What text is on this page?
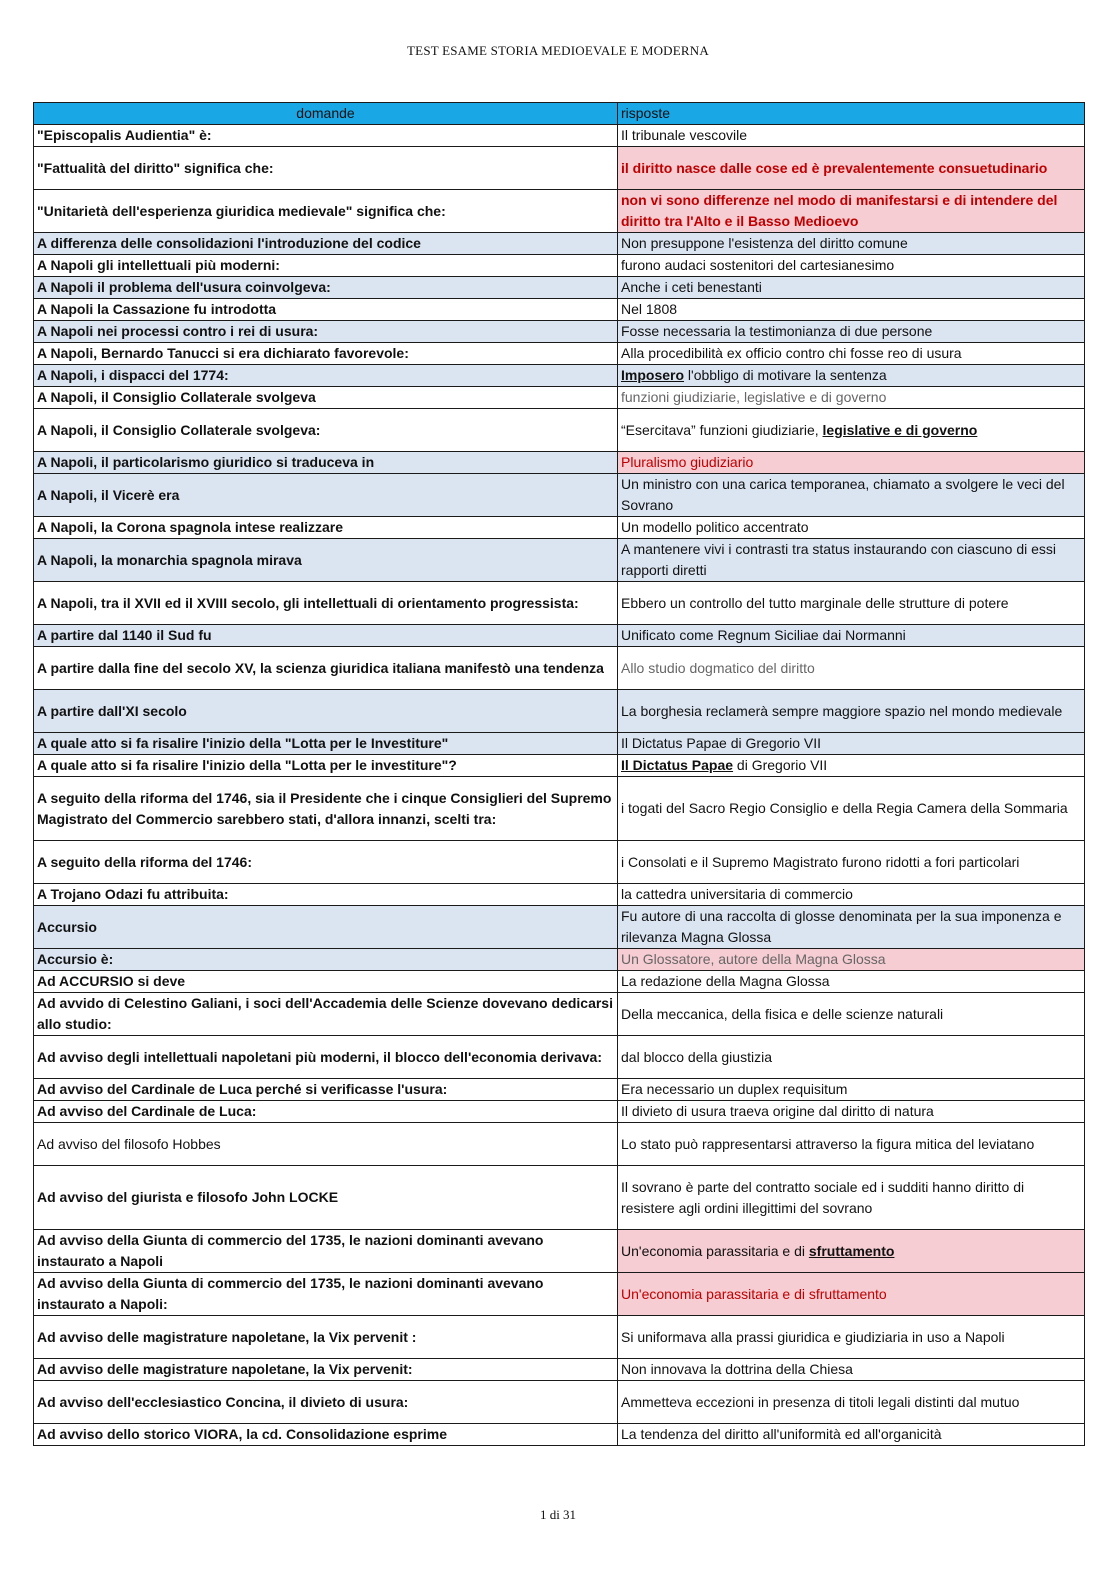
TEST ESAME STORIA MEDIOEVALE E MODERNA
domande	risposte
"Episcopalis Audientia" è:	Il tribunale vescovile
"Fattualità del diritto" significa che:	il diritto nasce dalle cose ed è prevalentemente consuetudinario
"Unitarietà dell'esperienza giuridica medievale" significa che:	non vi sono differenze nel modo di manifestarsi e di intendere del diritto tra l'Alto e il Basso Medioevo
A differenza delle consolidazioni l'introduzione del codice	Non presuppone l'esistenza del diritto comune
A Napoli gli intellettuali più moderni:	furono audaci sostenitori del cartesianesimo
A Napoli il problema dell'usura coinvolgeva:	Anche i ceti benestanti
A Napoli la Cassazione fu introdotta	Nel 1808
A Napoli nei processi contro i rei di usura:	Fosse necessaria la testimonianza di due persone
A Napoli, Bernardo Tanucci si era dichiarato favorevole:	Alla procedibilità ex officio contro chi fosse reo di usura
A Napoli, i dispacci del 1774:	Imposero l'obbligo di motivare la sentenza
A Napoli, il Consiglio Collaterale svolgeva	funzioni giudiziarie, legislative e di governo
A Napoli, il Consiglio Collaterale svolgeva:	“Esercitava” funzioni giudiziarie, legislative e di governo
A Napoli, il particolarismo giuridico si traduceva in	Pluralismo giudiziario
A Napoli, il Vicerè era	Un ministro con una carica temporanea, chiamato a svolgere le veci del Sovrano
A Napoli, la Corona spagnola intese realizzare	Un modello politico accentrato
A Napoli, la monarchia spagnola mirava	A mantenere vivi i contrasti tra status instaurando con ciascuno di essi rapporti diretti
A Napoli, tra il XVII ed il XVIII secolo, gli intellettuali di orientamento progressista:	Ebbero un controllo del tutto marginale delle strutture di potere
A partire dal 1140 il Sud fu	Unificato come Regnum Siciliae dai Normanni
A partire dalla fine del secolo XV, la scienza giuridica italiana manifestò una tendenza	Allo studio dogmatico del diritto
A partire dall'XI secolo	La borghesia reclamerà sempre maggiore spazio nel mondo medievale
A quale atto si fa risalire l'inizio della "Lotta per le Investiture"	Il Dictatus Papae di Gregorio VII
A quale atto si fa risalire l'inizio della "Lotta per le investiture"?	Il Dictatus Papae di Gregorio VII
A seguito della riforma del 1746, sia il Presidente che i cinque Consiglieri del Supremo Magistrato del Commercio sarebbero stati, d'allora innanzi, scelti tra:	i togati del Sacro Regio Consiglio e della Regia Camera della Sommaria
A seguito della riforma del 1746:	i Consolati e il Supremo Magistrato furono ridotti a fori particolari
A Trojano Odazi fu attribuita:	la cattedra universitaria di commercio
Accursio	Fu autore di una raccolta di glosse denominata per la sua imponenza e rilevanza Magna Glossa
Accursio è:	Un Glossatore, autore della Magna Glossa
Ad ACCURSIO si deve	La redazione della Magna Glossa
Ad avvido di Celestino Galiani, i soci dell'Accademia delle Scienze dovevano dedicarsi allo studio:	Della meccanica, della fisica e delle scienze naturali
Ad avviso degli intellettuali napoletani più moderni, il blocco dell'economia derivava:	dal blocco della giustizia
Ad avviso del Cardinale de Luca perché si verificasse l'usura:	Era necessario un duplex requisitum
Ad avviso del Cardinale de Luca:	Il divieto di usura traeva origine dal diritto di natura
Ad avviso del filosofo Hobbes	Lo stato può rappresentarsi attraverso la figura mitica del leviatano
Ad avviso del giurista e filosofo John LOCKE	Il sovrano è parte del contratto sociale ed i sudditi hanno diritto di resistere agli ordini illegittimi del sovrano
Ad avviso della Giunta di commercio del 1735, le nazioni dominanti avevano instaurato a Napoli	Un'economia parassitaria e di sfruttamento
Ad avviso della Giunta di commercio del 1735, le nazioni dominanti avevano instaurato a Napoli:	Un'economia parassitaria e di sfruttamento
Ad avviso delle magistrature napoletane, la Vix pervenit :	Si uniformava alla prassi giuridica e giudiziaria in uso a Napoli
Ad avviso delle magistrature napoletane, la Vix pervenit:	Non innovava la dottrina della Chiesa
Ad avviso dell'ecclesiastico Concina, il divieto di usura:	Ammetteva eccezioni in presenza di titoli legali distinti dal mutuo
Ad avviso dello storico VIORA, la cd. Consolidazione esprime	La tendenza del diritto all'uniformità ed all'organicità
1 di 31
